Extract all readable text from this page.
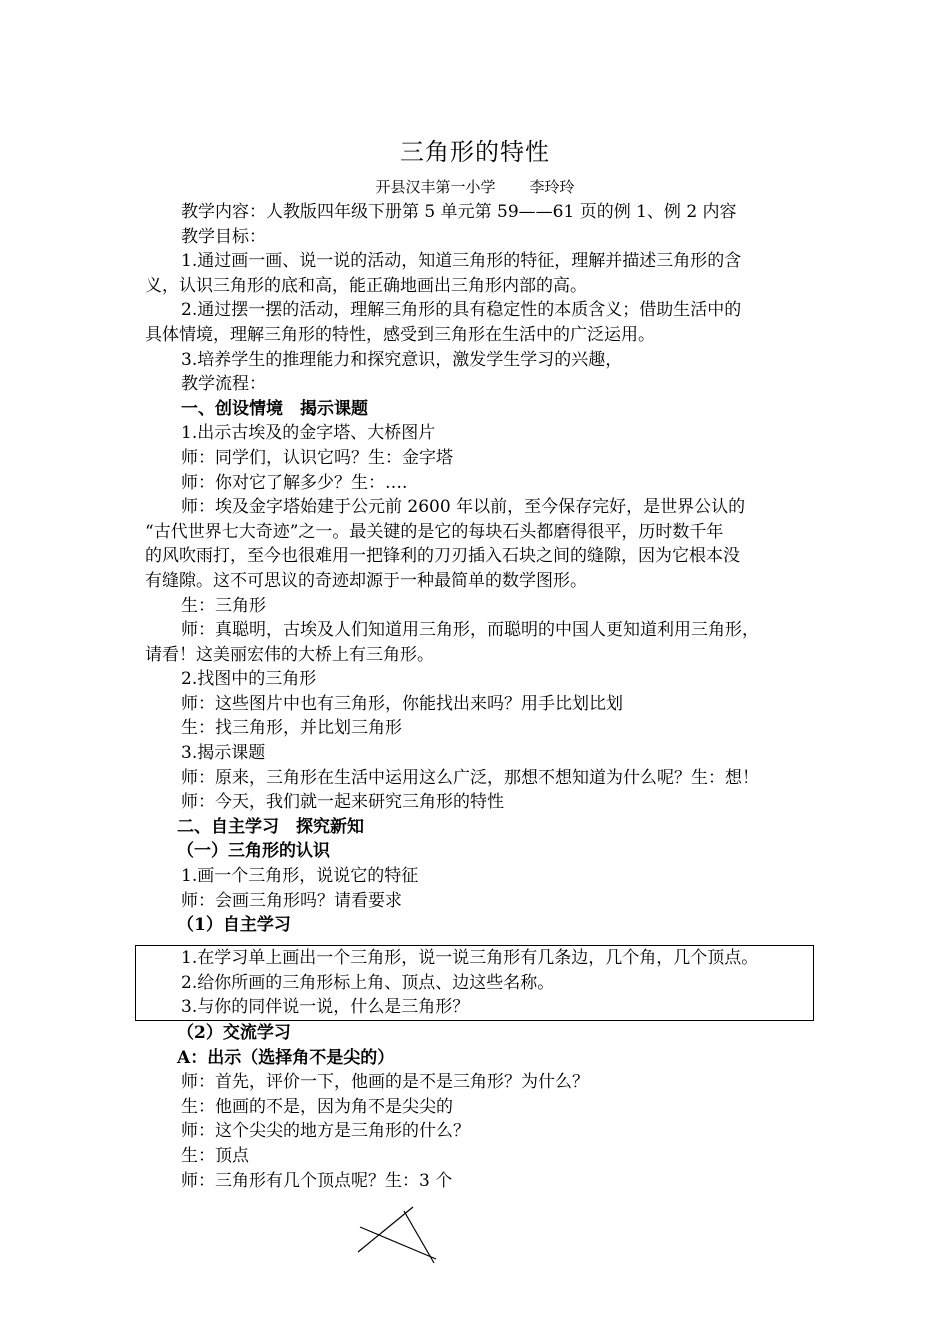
三角形的特性
开县汉丰第一小学 李玲玲
教学内容：人教版四年级下册第 5 单元第 59——61 页的例 1、例 2 内容
教学目标：
1.通过画一画、说一说的活动，知道三角形的特征，理解并描述三角形的含
义，认识三角形的底和高，能正确地画出三角形内部的高。
2.通过摆一摆的活动，理解三角形的具有稳定性的本质含义；借助生活中的
具体情境，理解三角形的特性，感受到三角形在生活中的广泛运用。
3.培养学生的推理能力和探究意识，激发学生学习的兴趣，
教学流程：
一、创设情境　揭示课题
1.出示古埃及的金字塔、大桥图片
师：同学们，认识它吗？生：金字塔
师：你对它了解多少？生：….
师：埃及金字塔始建于公元前 2600 年以前，至今保存完好，是世界公认的
“古代世界七大奇迹”之一。最关键的是它的每块石头都磨得很平，历时数千年
的风吹雨打，至今也很难用一把锋利的刀刃插入石块之间的缝隙，因为它根本没
有缝隙。这不可思议的奇迹却源于一种最简单的数学图形。
生：三角形
师：真聪明，古埃及人们知道用三角形，而聪明的中国人更知道利用三角形，
请看！这美丽宏伟的大桥上有三角形。
2.找图中的三角形
师：这些图片中也有三角形，你能找出来吗？用手比划比划
生：找三角形，并比划三角形
3.揭示课题
师：原来，三角形在生活中运用这么广泛，那想不想知道为什么呢？生：想！
师：今天，我们就一起来研究三角形的特性
二、自主学习　探究新知
（一）三角形的认识
1.画一个三角形，说说它的特征
师：会画三角形吗？请看要求
（1）自主学习
1.在学习单上画出一个三角形，说一说三角形有几条边，几个角，几个顶点。
2.给你所画的三角形标上角、顶点、边这些名称。
3.与你的同伴说一说，什么是三角形？
（2）交流学习
A：出示（选择角不是尖的）
师：首先，评价一下，他画的是不是三角形？为什么？
生：他画的不是，因为角不是尖尖的
师：这个尖尖的地方是三角形的什么？
生：顶点
师：三角形有几个顶点呢？生：3 个
